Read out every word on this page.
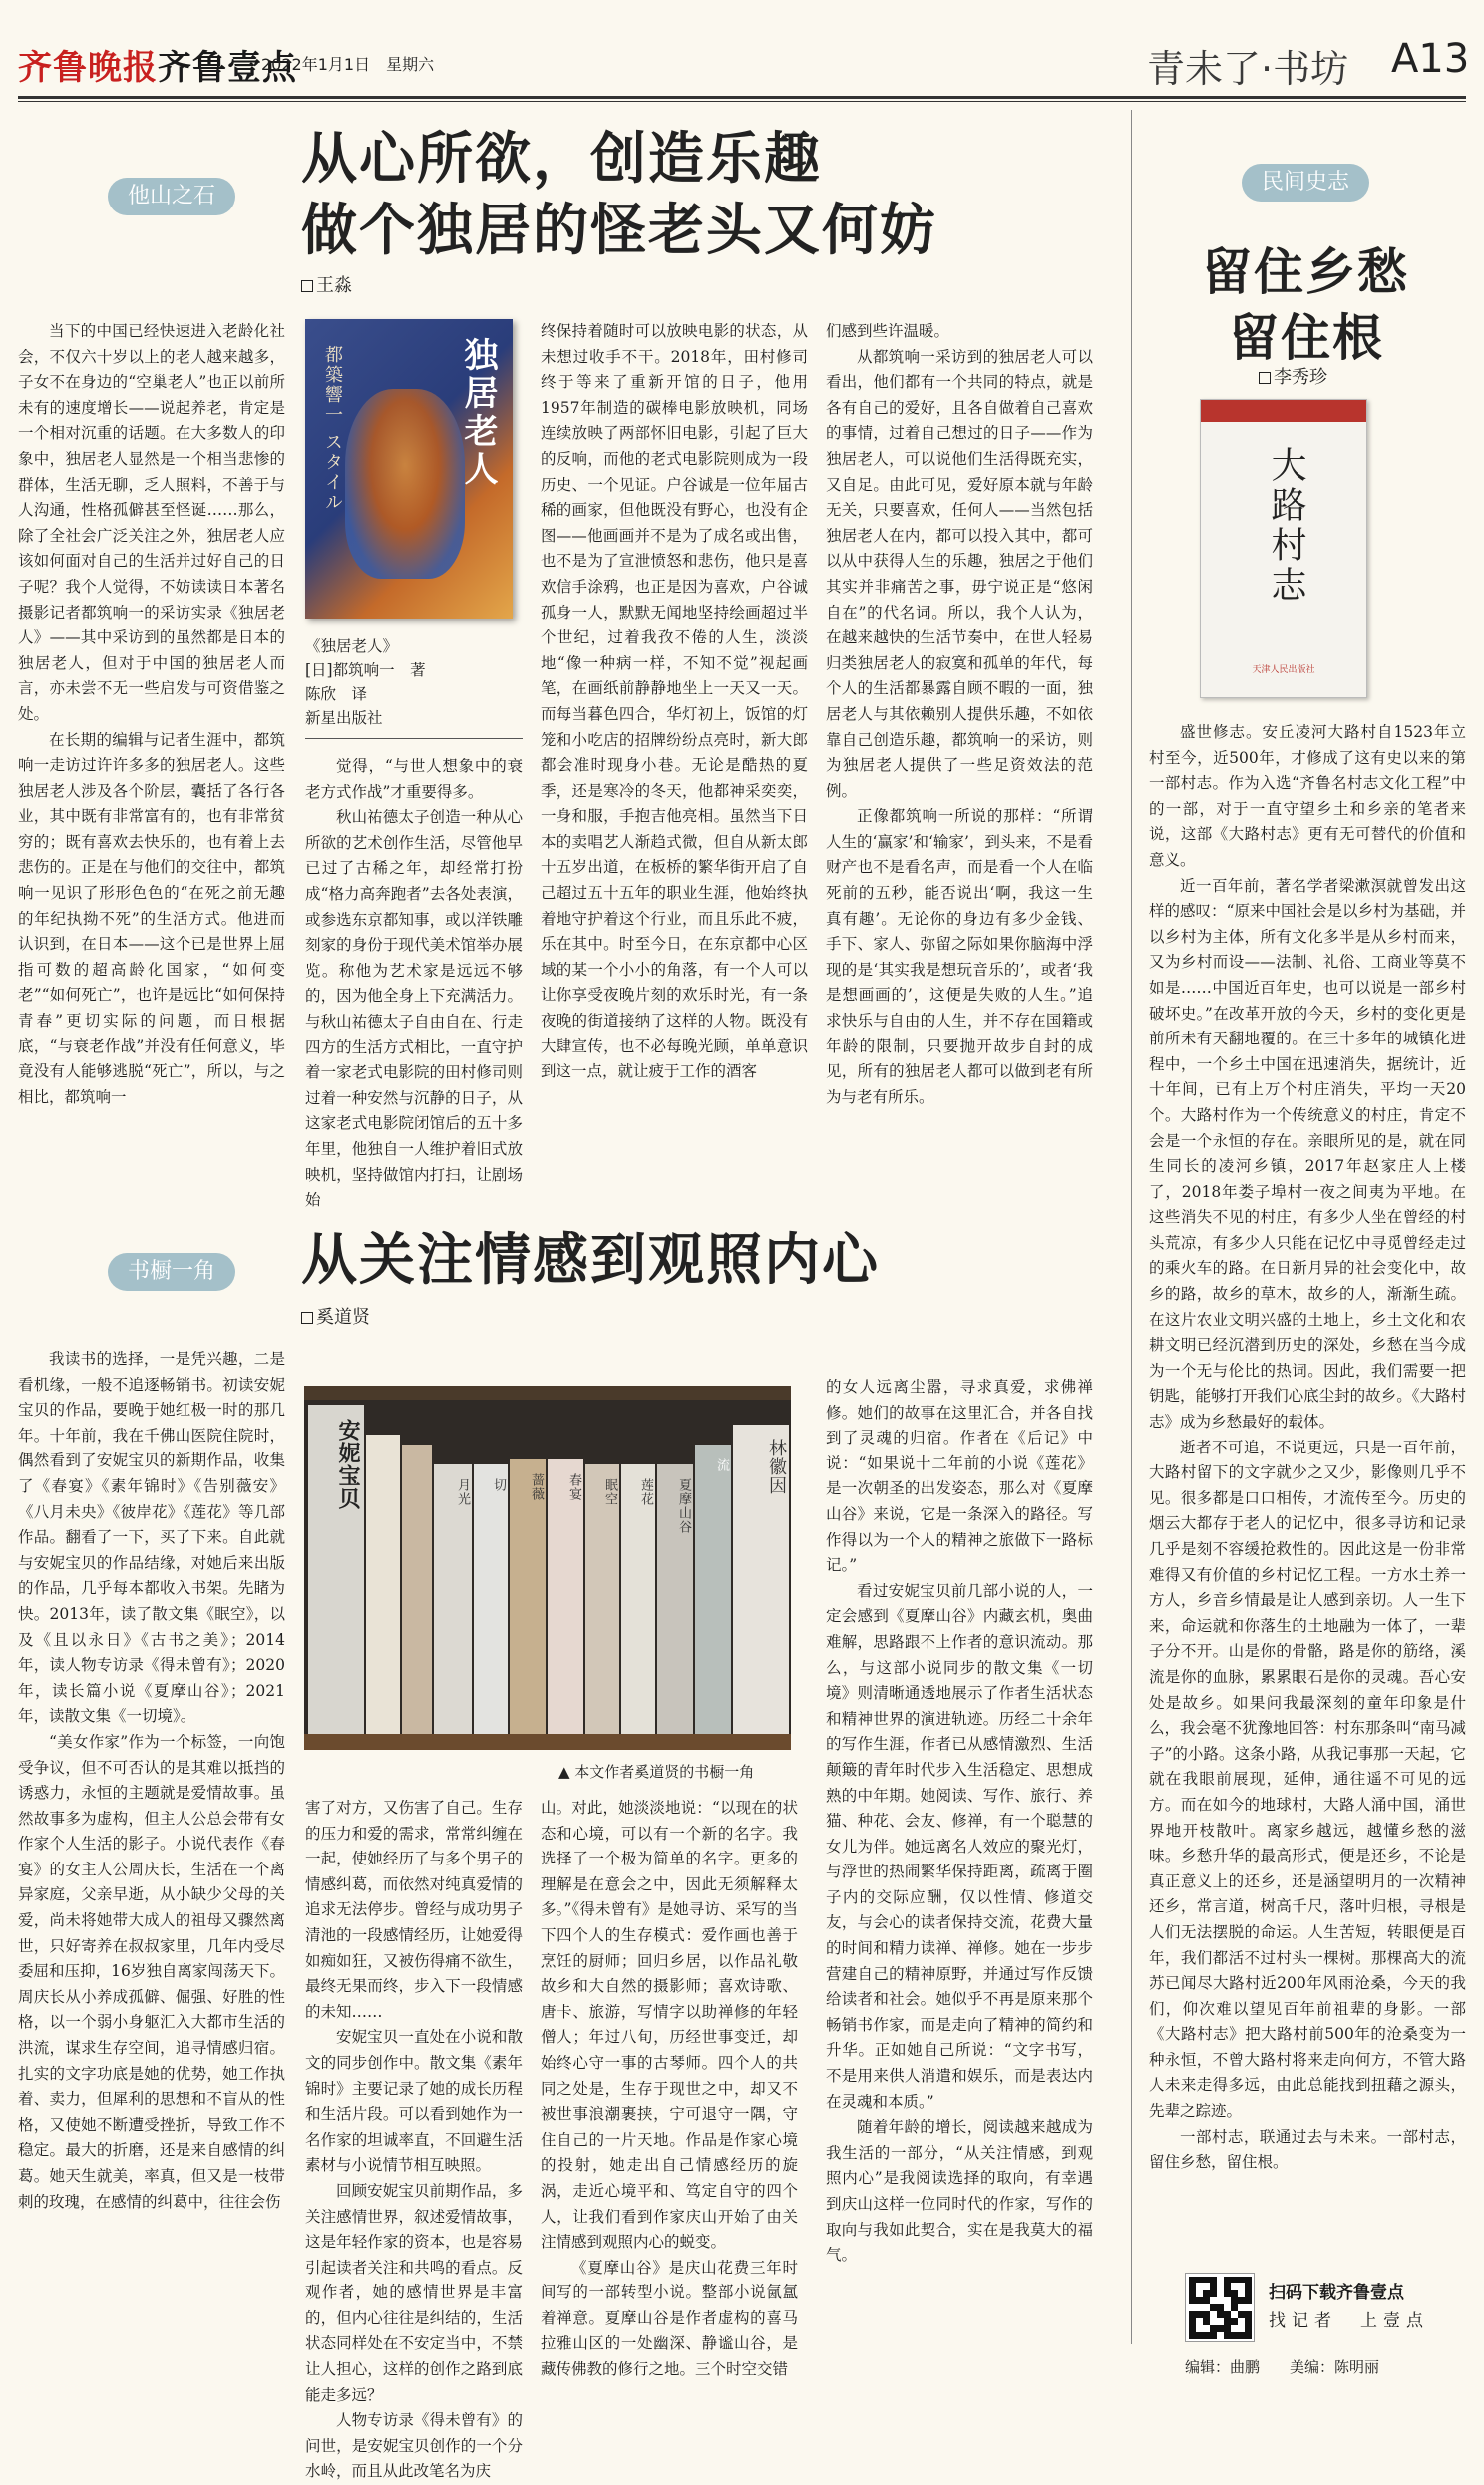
齐鲁晚报齐鲁壹点
2022年1月1日　星期六	青未了·书坊 A13
他山之石
从心所欲，创造乐趣
做个独居的怪老头又何妨
王淼

当下的中国已经快速进入老龄化社会，不仅六十岁以上的老人越来越多，子女不在身边的“空巢老人”也正以前所未有的速度增长——说起养老，肯定是一个相对沉重的话题。在大多数人的印象中，独居老人显然是一个相当悲惨的群体，生活无聊，乏人照料，不善于与人沟通，性格孤僻甚至怪诞……那么，除了全社会广泛关注之外，独居老人应该如何面对自己的生活并过好自己的日子呢？我个人觉得，不妨读读日本著名摄影记者都筑响一的采访实录《独居老人》——其中采访到的虽然都是日本的独居老人，但对于中国的独居老人而言，亦未尝不无一些启发与可资借鉴之处。

在长期的编辑与记者生涯中，都筑响一走访过许许多多的独居老人。这些独居老人涉及各个阶层，囊括了各行各业，其中既有非常富有的，也有非常贫穷的；既有喜欢去快乐的，也有着上去悲伤的。正是在与他们的交往中，都筑响一见识了形形色色的“在死之前无趣的年纪执拗不死”的生活方式。他进而认识到，在日本——这个已是世界上屈指可数的超高龄化国家，“如何变老”“如何死亡”，也许是远比“如何保持青春”更切实际的问题，而日根据底，“与衰老作战”并没有任何意义，毕竟没有人能够逃脱“死亡”，所以，与之相比，都筑响一

独居老人
都築響一 スタイル
《独居老人》
[日]都筑响一　著
陈欣　译
新星出版社

觉得，“与世人想象中的衰老方式作战”才重要得多。

秋山祐德太子创造一种从心所欲的艺术创作生活，尽管他早已过了古稀之年，却经常打扮成“格力高奔跑者”去各处表演，或参选东京都知事，或以洋铁雕刻家的身份于现代美术馆举办展览。称他为艺术家是远远不够的，因为他全身上下充满活力。与秋山祐德太子自由自在、行走四方的生活方式相比，一直守护着一家老式电影院的田村修司则过着一种安然与沉静的日子，从这家老式电影院闭馆后的五十多年里，他独自一人维护着旧式放映机，坚持做馆内打扫，让剧场始

终保持着随时可以放映电影的状态，从未想过收手不干。2018年，田村修司终于等来了重新开馆的日子，他用1957年制造的碳棒电影放映机，同场连续放映了两部怀旧电影，引起了巨大的反响，而他的老式电影院则成为一段历史、一个见证。户谷诚是一位年届古稀的画家，但他既没有野心，也没有企图——他画画并不是为了成名或出售，也不是为了宣泄愤怒和悲伤，他只是喜欢信手涂鸦，也正是因为喜欢，户谷诚孤身一人，默默无闻地坚持绘画超过半个世纪，过着我孜不倦的人生，淡淡地“像一种病一样，不知不觉”视起画笔，在画纸前静静地坐上一天又一天。而每当暮色四合，华灯初上，饭馆的灯笼和小吃店的招牌纷纷点亮时，新大郎都会准时现身小巷。无论是酷热的夏季，还是寒冷的冬天，他都神采奕奕，一身和服，手抱吉他亮相。虽然当下日本的卖唱艺人渐趋式微，但自从新太郎十五岁出道，在板桥的繁华街开启了自己超过五十五年的职业生涯，他始终执着地守护着这个行业，而且乐此不疲，乐在其中。时至今日，在东京都中心区域的某一个小小的角落，有一个人可以让你享受夜晚片刻的欢乐时光，有一条夜晚的街道接纳了这样的人物。既没有大肆宣传，也不必每晚光顾，单单意识到这一点，就让疲于工作的酒客

们感到些许温暖。

从都筑响一采访到的独居老人可以看出，他们都有一个共同的特点，就是各有自己的爱好，且各自做着自己喜欢的事情，过着自己想过的日子——作为独居老人，可以说他们生活得既充实，又自足。由此可见，爱好原本就与年龄无关，只要喜欢，任何人——当然包括独居老人在内，都可以投入其中，都可以从中获得人生的乐趣，独居之于他们其实并非痛苦之事，毋宁说正是“悠闲自在”的代名词。所以，我个人认为，在越来越快的生活节奏中，在世人轻易归类独居老人的寂寞和孤单的年代，每个人的生活都暴露自顾不暇的一面，独居老人与其依赖别人提供乐趣，不如依靠自己创造乐趣，都筑响一的采访，则为独居老人提供了一些足资效法的范例。

正像都筑响一所说的那样：“所谓人生的‘赢家’和‘输家’，到头来，不是看财产也不是看名声，而是看一个人在临死前的五秒，能否说出‘啊，我这一生真有趣’。无论你的身边有多少金钱、手下、家人、弥留之际如果你脑海中浮现的是‘其实我是想玩音乐的’，或者‘我是想画画的’，这便是失败的人生。”追求快乐与自由的人生，并不存在国籍或年龄的限制，只要抛开故步自封的成见，所有的独居老人都可以做到老有所为与老有所乐。

书橱一角	从关注情感到观照内心
奚道贤

我读书的选择，一是凭兴趣，二是看机缘，一般不追逐畅销书。初读安妮宝贝的作品，要晚于她红极一时的那几年。十年前，我在千佛山医院住院时，偶然看到了安妮宝贝的新期作品，收集了《春宴》《素年锦时》《告别薇安》《八月未央》《彼岸花》《莲花》等几部作品。翻看了一下，买了下来。自此就与安妮宝贝的作品结缘，对她后来出版的作品，几乎每本都收入书架。先睹为快。2013年，读了散文集《眠空》，以及《且以永日》《古书之美》；2014年，读人物专访录《得未曾有》；2020年，读长篇小说《夏摩山谷》；2021年，读散文集《一切境》。

“美女作家”作为一个标签，一向饱受争议，但不可否认的是其难以抵挡的诱惑力，永恒的主题就是爱情故事。虽然故事多为虚构，但主人公总会带有女作家个人生活的影子。小说代表作《春宴》的女主人公周庆长，生活在一个离异家庭，父亲早逝，从小缺少父母的关爱，尚未将她带大成人的祖母又骤然离世，只好寄养在叔叔家里，几年内受尽委屈和压抑，16岁独自离家闯荡天下。周庆长从小养成孤僻、倔强、好胜的性格，以一个弱小身躯汇入大都市生活的洪流，谋求生存空间，追寻情感归宿。扎实的文字功底是她的优势，她工作执着、卖力，但犀利的思想和不盲从的性格，又使她不断遭受挫折，导致工作不稳定。最大的折磨，还是来自感情的纠葛。她天生就美，率真，但又是一枝带刺的玫瑰，在感情的纠葛中，往往会伤

安妮宝贝	月光	切	蔷薇	春宴	眠空	莲花	夏摩山谷
流	林徽因
▲ 本文作者奚道贤的书橱一角

害了对方，又伤害了自己。生存的压力和爱的需求，常常纠缠在一起，使她经历了与多个男子的情感纠葛，而依然对纯真爱情的追求无法停步。曾经与成功男子清池的一段感情经历，让她爱得如痴如狂，又被伤得痛不欲生，最终无果而终，步入下一段情感的未知……

安妮宝贝一直处在小说和散文的同步创作中。散文集《素年锦时》主要记录了她的成长历程和生活片段。可以看到她作为一名作家的坦诚率直，不回避生活素材与小说情节相互映照。

回顾安妮宝贝前期作品，多关注感情世界，叙述爱情故事，这是年轻作家的资本，也是容易引起读者关注和共鸣的看点。反观作者，她的感情世界是丰富的，但内心往往是纠结的，生活状态同样处在不安定当中，不禁让人担心，这样的创作之路到底能走多远？

人物专访录《得未曾有》的问世，是安妮宝贝创作的一个分水岭，而且从此改笔名为庆

山。对此，她淡淡地说：“以现在的状态和心境，可以有一个新的名字。我选择了一个极为简单的名字。更多的理解是在意会之中，因此无须解释太多。”《得未曾有》是她寻访、采写的当下四个人的生存模式：爱作画也善于烹饪的厨师；回归乡居，以作品礼敬故乡和大自然的摄影师；喜欢诗歌、唐卡、旅游，写情字以助禅修的年轻僧人；年过八旬，历经世事变迁，却始终心守一事的古琴师。四个人的共同之处是，生存于现世之中，却又不被世事浪潮裹挟，宁可退守一隅，守住自己的一片天地。作品是作家心境的投射，她走出自己情感经历的旋涡，走近心境平和、笃定自守的四个人，让我们看到作家庆山开始了由关注情感到观照内心的蜕变。

《夏摩山谷》是庆山花费三年时间写的一部转型小说。整部小说氤氲着禅意。夏摩山谷是作者虚构的喜马拉雅山区的一处幽深、静谧山谷，是藏传佛教的修行之地。三个时空交错

的女人远离尘嚣，寻求真爱，求佛禅修。她们的故事在这里汇合，并各自找到了灵魂的归宿。作者在《后记》中说：“如果说十二年前的小说《莲花》是一次朝圣的出发姿态，那么对《夏摩山谷》来说，它是一条深入的路径。写作得以为一个人的精神之旅做下一路标记。”

看过安妮宝贝前几部小说的人，一定会感到《夏摩山谷》内藏玄机，奥曲难解，思路跟不上作者的意识流动。那么，与这部小说同步的散文集《一切境》则清晰通透地展示了作者生活状态和精神世界的演进轨迹。历经二十余年的写作生涯，作者已从感情激烈、生活颠簸的青年时代步入生活稳定、思想成熟的中年期。她阅读、写作、旅行、养猫、种花、会友、修禅，有一个聪慧的女儿为伴。她远离名人效应的聚光灯，与浮世的热闹繁华保持距离，疏离于圈子内的交际应酬，仅以性情、修道交友，与会心的读者保持交流，花费大量的时间和精力读禅、禅修。她在一步步营建自己的精神原野，并通过写作反馈给读者和社会。她似乎不再是原来那个畅销书作家，而是走向了精神的简约和升华。正如她自己所说：“文字书写，不是用来供人消遣和娱乐，而是表达内在灵魂和本质。”

随着年龄的增长，阅读越来越成为我生活的一部分，“从关注情感，到观照内心”是我阅读选择的取向，有幸遇到庆山这样一位同时代的作家，写作的取向与我如此契合，实在是我莫大的福气。

民间史志
留住乡愁
留住根
李秀珍
大路村志
天津人民出版社

盛世修志。安丘凌河大路村自1523年立村至今，近500年，才修成了这有史以来的第一部村志。作为入选“齐鲁名村志文化工程”中的一部，对于一直守望乡土和乡亲的笔者来说，这部《大路村志》更有无可替代的价值和意义。

近一百年前，著名学者梁漱溟就曾发出这样的感叹：“原来中国社会是以乡村为基础，并以乡村为主体，所有文化多半是从乡村而来，又为乡村而设——法制、礼俗、工商业等莫不如是……中国近百年史，也可以说是一部乡村破坏史。”在改革开放的今天，乡村的变化更是前所未有天翻地覆的。在三十多年的城镇化进程中，一个乡土中国在迅速消失，据统计，近十年间，已有上万个村庄消失，平均一天20个。大路村作为一个传统意义的村庄，肯定不会是一个永恒的存在。亲眼所见的是，就在同生同长的凌河乡镇，2017年赵家庄人上楼了，2018年娄子埠村一夜之间夷为平地。在这些消失不见的村庄，有多少人坐在曾经的村头荒凉，有多少人只能在记忆中寻觅曾经走过的乘火车的路。在日新月异的社会变化中，故乡的路，故乡的草木，故乡的人，渐渐生疏。在这片农业文明兴盛的土地上，乡土文化和农耕文明已经沉潜到历史的深处，乡愁在当今成为一个无与伦比的热词。因此，我们需要一把钥匙，能够打开我们心底尘封的故乡。《大路村志》成为乡愁最好的载体。

逝者不可追，不说更远，只是一百年前，大路村留下的文字就少之又少，影像则几乎不见。很多都是口口相传，才流传至今。历史的烟云大都存于老人的记忆中，很多寻访和记录几乎是刻不容缓抢救性的。因此这是一份非常难得又有价值的乡村记忆工程。一方水土养一方人，乡音乡情最是让人感到亲切。人一生下来，命运就和你落生的土地融为一体了，一辈子分不开。山是你的骨骼，路是你的筋络，溪流是你的血脉，累累眼石是你的灵魂。吾心安处是故乡。如果问我最深刻的童年印象是什么，我会毫不犹豫地回答：村东那条叫“南马减子”的小路。这条小路，从我记事那一天起，它就在我眼前展现，延伸，通往遥不可见的远方。而在如今的地球村，大路人涌中国，涌世界地开枝散叶。离家乡越远，越懂乡愁的滋味。乡愁升华的最高形式，便是还乡，不论是真正意义上的还乡，还是涵望明月的一次精神还乡，常言道，树高千尺，落叶归根，寻根是人们无法摆脱的命运。人生苦短，转眼便是百年，我们都活不过村头一棵树。那棵高大的流苏已闻尽大路村近200年风雨沧桑，今天的我们，仰次难以望见百年前祖辈的身影。一部《大路村志》把大路村前500年的沧桑变为一种永恒，不曾大路村将来走向何方，不管大路人未来走得多远，由此总能找到扭藉之源头，先辈之踪迹。

一部村志，联通过去与未来。一部村志，留住乡愁，留住根。

扫码下载齐鲁壹点
找记者　上壹点
编辑：曲鹏　　 美编：陈明丽
